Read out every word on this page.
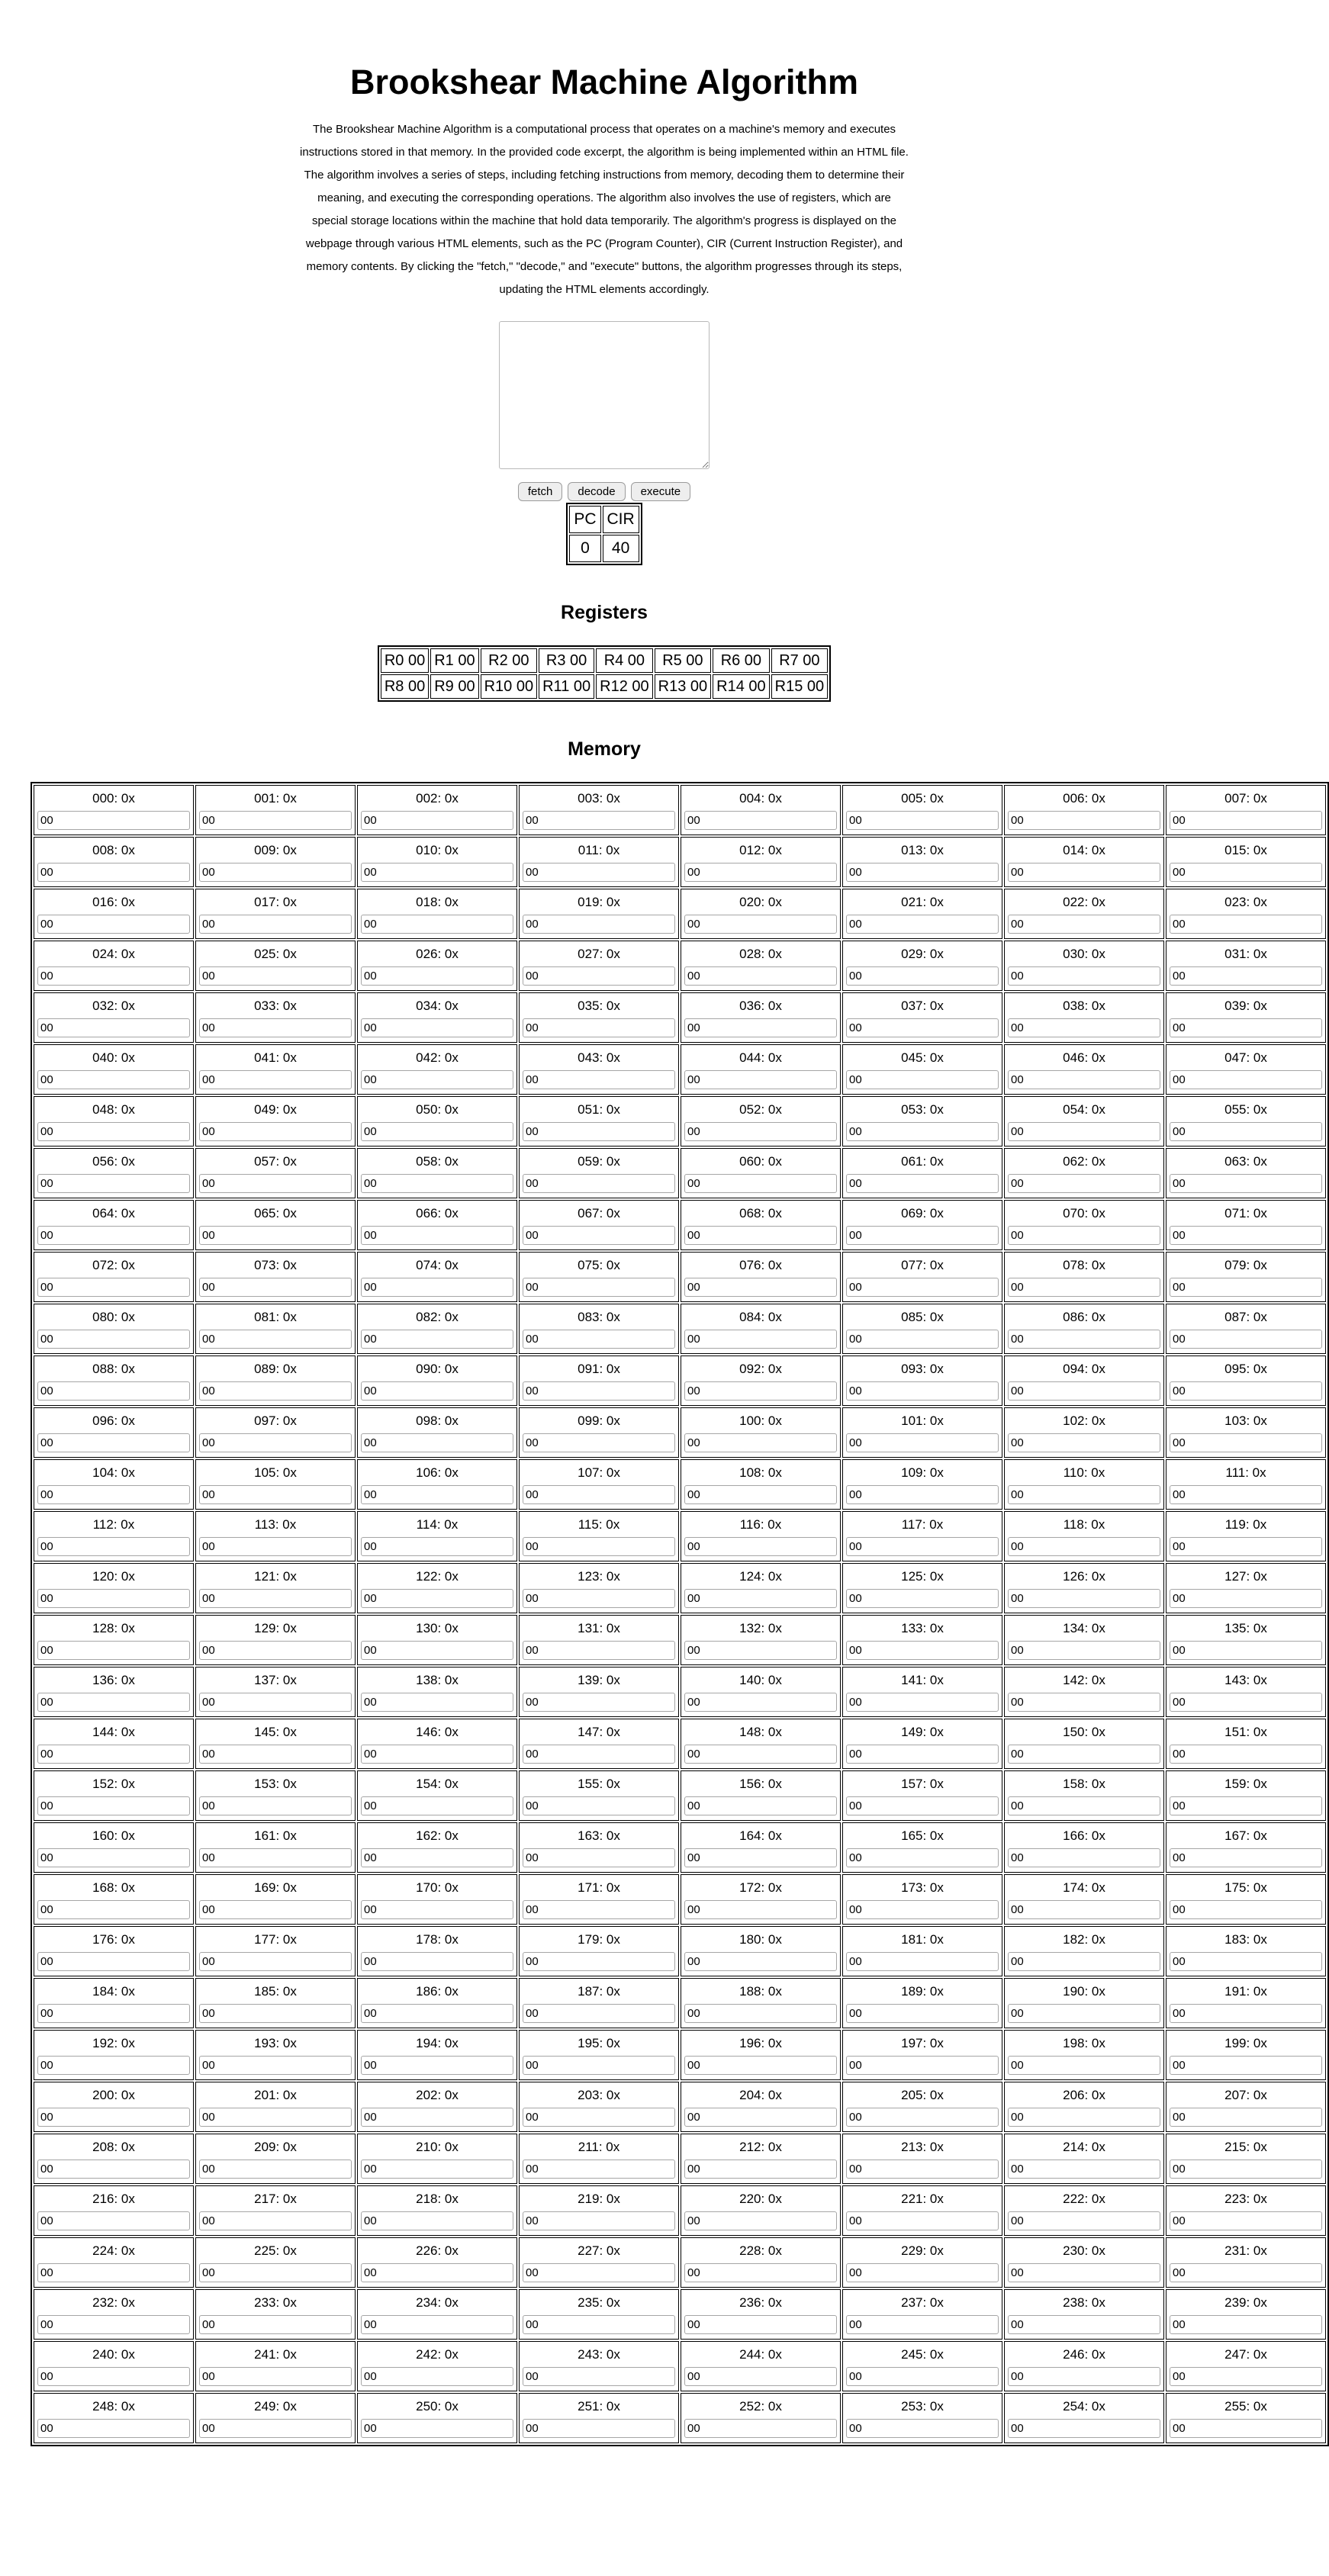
Brookshear Machine Algorithm

The Brookshear Machine Algorithm is a computational process that operates on a machine's memory and executes instructions stored in that memory. In the provided code excerpt, the algorithm is being implemented within an HTML file. The algorithm involves a series of steps, including fetching instructions from memory, decoding them to determine their meaning, and executing the corresponding operations. The algorithm also involves the use of registers, which are special storage locations within the machine that hold data temporarily. The algorithm's progress is displayed on the webpage through various HTML elements, such as the PC (Program Counter), CIR (Current Instruction Register), and memory contents. By clicking the "fetch," "decode," and "execute" buttons, the algorithm progresses through its steps, updating the HTML elements accordingly.

fetch	decode	execute
PC	CIR
0	40
Registers
R0 00	R1 00	R2 00	R3 00	R4 00	R5 00	R6 00	R7 00
R8 00	R9 00	R10 00	R11 00	R12 00	R13 00	R14 00	R15 00
Memory
000: 0x
00	001: 0x
00	002: 0x
00	003: 0x
00	004: 0x
00	005: 0x
00	006: 0x
00	007: 0x
00

008: 0x
00	009: 0x
00	010: 0x
00	011: 0x
00	012: 0x
00	013: 0x
00	014: 0x
00	015: 0x
00

016: 0x
00	017: 0x
00	018: 0x
00	019: 0x
00	020: 0x
00	021: 0x
00	022: 0x
00	023: 0x
00

024: 0x
00	025: 0x
00	026: 0x
00	027: 0x
00	028: 0x
00	029: 0x
00	030: 0x
00	031: 0x
00

032: 0x
00	033: 0x
00	034: 0x
00	035: 0x
00	036: 0x
00	037: 0x
00	038: 0x
00	039: 0x
00

040: 0x
00	041: 0x
00	042: 0x
00	043: 0x
00	044: 0x
00	045: 0x
00	046: 0x
00	047: 0x
00

048: 0x
00	049: 0x
00	050: 0x
00	051: 0x
00	052: 0x
00	053: 0x
00	054: 0x
00	055: 0x
00

056: 0x
00	057: 0x
00	058: 0x
00	059: 0x
00	060: 0x
00	061: 0x
00	062: 0x
00	063: 0x
00

064: 0x
00	065: 0x
00	066: 0x
00	067: 0x
00	068: 0x
00	069: 0x
00	070: 0x
00	071: 0x
00

072: 0x
00	073: 0x
00	074: 0x
00	075: 0x
00	076: 0x
00	077: 0x
00	078: 0x
00	079: 0x
00

080: 0x
00	081: 0x
00	082: 0x
00	083: 0x
00	084: 0x
00	085: 0x
00	086: 0x
00	087: 0x
00

088: 0x
00	089: 0x
00	090: 0x
00	091: 0x
00	092: 0x
00	093: 0x
00	094: 0x
00	095: 0x
00

096: 0x
00	097: 0x
00	098: 0x
00	099: 0x
00	100: 0x
00	101: 0x
00	102: 0x
00	103: 0x
00

104: 0x
00	105: 0x
00	106: 0x
00	107: 0x
00	108: 0x
00	109: 0x
00	110: 0x
00	111: 0x
00

112: 0x
00	113: 0x
00	114: 0x
00	115: 0x
00	116: 0x
00	117: 0x
00	118: 0x
00	119: 0x
00

120: 0x
00	121: 0x
00	122: 0x
00	123: 0x
00	124: 0x
00	125: 0x
00	126: 0x
00	127: 0x
00

128: 0x
00	129: 0x
00	130: 0x
00	131: 0x
00	132: 0x
00	133: 0x
00	134: 0x
00	135: 0x
00

136: 0x
00	137: 0x
00	138: 0x
00	139: 0x
00	140: 0x
00	141: 0x
00	142: 0x
00	143: 0x
00

144: 0x
00	145: 0x
00	146: 0x
00	147: 0x
00	148: 0x
00	149: 0x
00	150: 0x
00	151: 0x
00

152: 0x
00	153: 0x
00	154: 0x
00	155: 0x
00	156: 0x
00	157: 0x
00	158: 0x
00	159: 0x
00

160: 0x
00	161: 0x
00	162: 0x
00	163: 0x
00	164: 0x
00	165: 0x
00	166: 0x
00	167: 0x
00

168: 0x
00	169: 0x
00	170: 0x
00	171: 0x
00	172: 0x
00	173: 0x
00	174: 0x
00	175: 0x
00

176: 0x
00	177: 0x
00	178: 0x
00	179: 0x
00	180: 0x
00	181: 0x
00	182: 0x
00	183: 0x
00

184: 0x
00	185: 0x
00	186: 0x
00	187: 0x
00	188: 0x
00	189: 0x
00	190: 0x
00	191: 0x
00

192: 0x
00	193: 0x
00	194: 0x
00	195: 0x
00	196: 0x
00	197: 0x
00	198: 0x
00	199: 0x
00

200: 0x
00	201: 0x
00	202: 0x
00	203: 0x
00	204: 0x
00	205: 0x
00	206: 0x
00	207: 0x
00

208: 0x
00	209: 0x
00	210: 0x
00	211: 0x
00	212: 0x
00	213: 0x
00	214: 0x
00	215: 0x
00

216: 0x
00	217: 0x
00	218: 0x
00	219: 0x
00	220: 0x
00	221: 0x
00	222: 0x
00	223: 0x
00

224: 0x
00	225: 0x
00	226: 0x
00	227: 0x
00	228: 0x
00	229: 0x
00	230: 0x
00	231: 0x
00

232: 0x
00	233: 0x
00	234: 0x
00	235: 0x
00	236: 0x
00	237: 0x
00	238: 0x
00	239: 0x
00

240: 0x
00	241: 0x
00	242: 0x
00	243: 0x
00	244: 0x
00	245: 0x
00	246: 0x
00	247: 0x
00

248: 0x
00	249: 0x
00	250: 0x
00	251: 0x
00	252: 0x
00	253: 0x
00	254: 0x
00	255: 0x
00
